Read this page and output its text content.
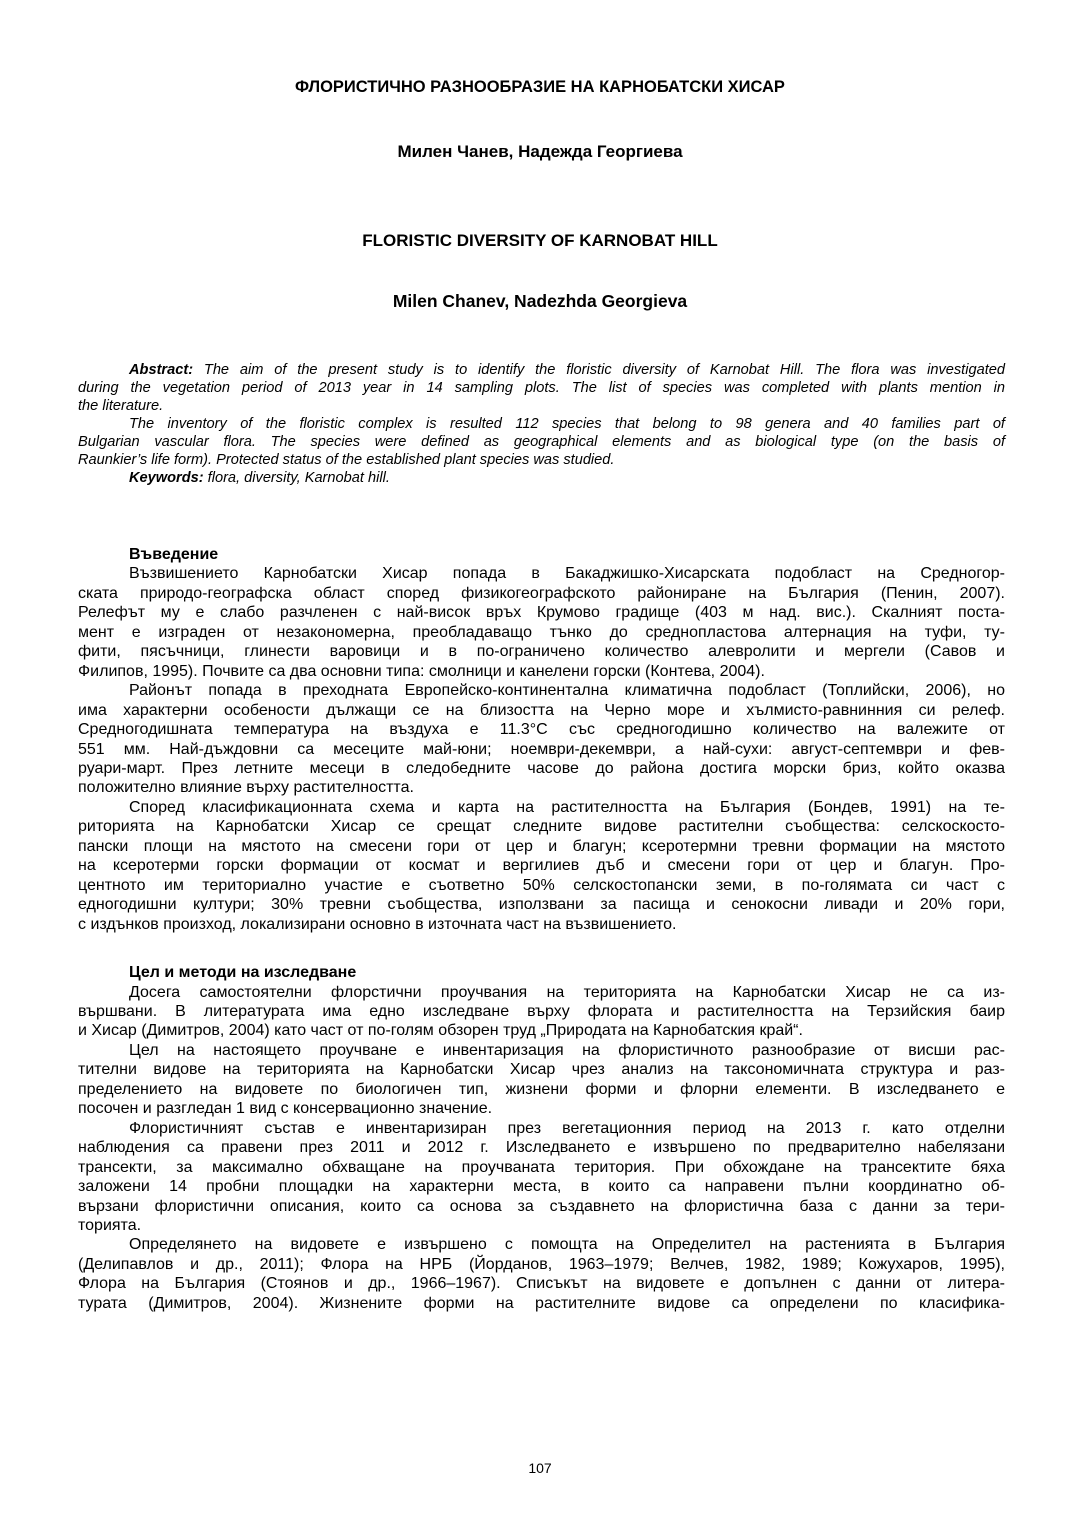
ФЛОРИСТИЧНО РАЗНООБРАЗИЕ НА КАРНОБАТСКИ ХИСАР
Милен Чанев, Надежда Георгиева
FLORISTIC DIVERSITY OF KARNOBAT HILL
Milen Chanev, Nadezhda Georgieva
Abstract: The aim of the present study is to identify the floristic diversity of Karnobat Hill. The flora was investigated
during the vegetation period of 2013 year in 14 sampling plots. The list of species was completed with plants mention in
the literature.
The inventory of the floristic complex is resulted 112 species that belong to 98 genera and 40 families part of
Bulgarian vascular flora. The species were defined as geographical elements and as biological type (on the basis of
Raunkier’s life form). Protected status of the established plant species was studied.
Keywords: flora, diversity, Karnobat hill.
Въведение
Възвишението Карнобатски Хисар попада в Бакаджишко-Хисарската подобласт на Средногор-
ската природо-географска област според физикогеографското райониране на България (Пенин, 2007).
Релефът му е слабо разчленен с най-висок връх Крумово градище (403 м над. вис.). Скалният поста-
мент е изграден от незакономерна, преобладаващо тънко до среднопластова алтернация на туфи, ту-
фити, пясъчници, глинести варовици и в по-ограничено количество алевролити и мергели (Савов и
Филипов, 1995). Почвите са два основни типа: смолници и канелени горски (Контева, 2004).
Районът попада в преходната Европейско-континентална климатична подобласт (Топлийски, 2006), но
има характерни особености дължащи се на близостта на Черно море и хълмисто-равнинния си релеф.
Средногодишната температура на въздуха е 11.3°С със средногодишно количество на валежите от
551 мм. Най-дъждовни са месеците май-юни; ноември-декември, а най-сухи: август-септември и фев-
руари-март. През летните месеци в следобедните часове до района достига морски бриз, който оказва
положително влияние върху растителността.
Според класификационната схема и карта на растителността на България (Бондев, 1991) на те-
риторията на Карнобатски Хисар се срещат следните видове растителни съобщества: селскоскосто-
пански площи на мястото на смесени гори от цер и благун; ксеротермни тревни формации на мястото
на ксеротерми горски формации от космат и вергилиев дъб и смесени гори от цер и благун. Про-
центното им териториално участие е съответно 50% селскостопански земи, в по-голямата си част с
едногодишни култури; 30% тревни съобщества, използвани за пасища и сенокосни ливади и 20% гори,
с издънков произход, локализирани основно в източната част на възвишението.
Цел и методи на изследване
Досега самостоятелни флорстични проучвания на територията на Карнобатски Хисар не са из-
вършвани. В литературата има едно изследване върху флората и растителността на Терзийския баир
и Хисар (Димитров, 2004) като част от по-голям обзорен труд „Природата на Карнобатския край“.
Цел на настоящето проучване е инвентаризация на флористичното разнообразие от висши рас-
тителни видове на територията на Карнобатски Хисар чрез анализ на таксономичната структура и раз-
пределението на видовете по биологичен тип, жизнени форми и флорни елементи. В изследването е
посочен и разгледан 1 вид с консервационно значение.
Флористичният състав е инвентаризиран през вегетационния период на 2013 г. като отделни
наблюдения са правени през 2011 и 2012 г. Изследването е извършено по предварително набелязани
трансекти, за максимално обхващане на проучваната територия. При обхождане на трансектите бяха
заложени 14 пробни площадки на характерни места, в които са направени пълни координатно об-
вързани флористични описания, които са основа за създавнето на флористична база с данни за тери-
торията.
Определянето на видовете е извършено с помощта на Определител на растенията в България
(Делипавлов и др., 2011); Флора на НРБ (Йорданов, 1963–1979; Велчев, 1982, 1989; Кожухаров, 1995),
Флора на България (Стоянов и др., 1966–1967). Списъкът на видовете е допълнен с данни от литера-
турата (Димитров, 2004). Жизнените форми на растителните видове са определени по класифика-
107
